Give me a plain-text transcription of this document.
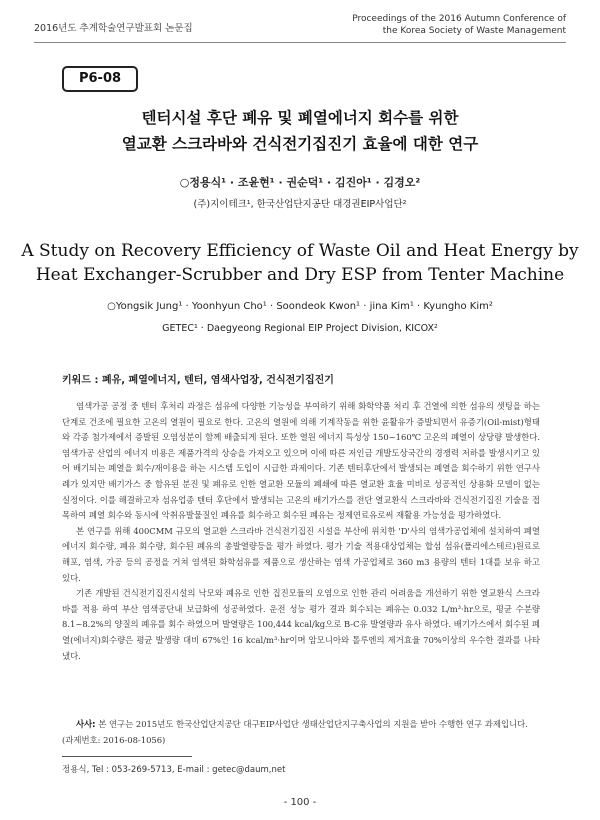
2016년도 추계학술연구발표회 논문집
Proceedings of the 2016 Autumn Conference of
the Korea Society of Waste Management
P6-08
텐터시설 후단 폐유 및 폐열에너지 회수를 위한
열교환 스크라바와 건식전기집진기 효율에 대한 연구
○정용식¹ · 조윤현¹ · 권순덕¹ · 김진아¹ · 김경오²
(주)지이테크¹, 한국산업단지공단 대경권EIP사업단²
A Study on Recovery Efficiency of Waste Oil and Heat Energy by
Heat Exchanger-Scrubber and Dry ESP from Tenter Machine
○Yongsik Jung¹ · Yoonhyun Cho¹ · Soondeok Kwon¹ · jina Kim¹ · Kyungho Kim²
GETEC¹ · Daegyeong Regional EIP Project Division, KICOX²
키워드 : 폐유, 폐열에너지, 텐터, 염색사업장, 건식전기집진기

염색가공 공정 중 텐터 후처리 과정은 섬유에 다양한 기능성을 부여하기 위해 화학약품 처리 후 건열에 의한 섬유의 셋팅을 하는 단계로 건조에 필요한 고온의 열원이 필요로 한다. 고온의 열원에 의해 기계작동을 위한 윤활유가 증발되면서 유증기(Oil-mist)형태와 각종 첨가제에서 증발된 오염성분이 함께 배출되게 된다. 또한 열원 에너지 특성상 150~160℃ 고온의 폐열이 상당량 발생한다. 염색가공 산업의 에너지 비용은 제품가격의 상승을 가져오고 있으며 이에 따른 저인금 개발도상국간의 경쟁력 저하를 발생시키고 있어 배기되는 폐열을 회수/재이용을 하는 시스템 도입이 시급한 과제이다. 기존 텐터후단에서 발생되는 폐열을 회수하기 위한 연구사례가 있지만 배기가스 중 함유된 분진 및 폐유로 인한 열교환 모듈의 폐쇄에 따른 열교환 효율 미비로 성공적인 상용화 모델이 없는 실정이다. 이를 해결하고자 섬유업종 텐터 후단에서 발생되는 고온의 배기가스를 전단 열교환식 스크라바와 건식전기집진 기술을 접목하여 폐열 회수와 동시에 악취유발물질인 폐유를 회수하고 회수된 폐유는 정제연료유로써 재활용 가능성을 평가하였다.

본 연구를 위해 400CMM 규모의 열교환 스크라바 건식전기집진 시설을 부산에 위치한 'D'사의 염색가공업체에 설치하여 폐열에너지 회수량, 폐유 회수량, 회수된 폐유의 총발열량등을 평가 하였다. 평가 기술 적용대상업체는 합섬 섬유(폴리에스테르)원료로 해포, 염색, 가공 등의 공정을 거쳐 염색된 화학섬유를 제품으로 생산하는 염색 가공업체로 360 m3 용량의 텐터 1대를 보유 하고 있다.

기존 개발된 건식전기집진시설의 낙모와 폐유로 인한 집진모듈의 오염으로 인한 관리 어려움을 개선하기 위한 열교환식 스크라바를 적용 하여 부산 염색공단내 보급화에 성공하였다. 운전 성능 평가 결과 회수되는 폐유는 0.032 L/m³·hr으로, 평균 수분량 8.1~8.2%의 양질의 폐유를 회수 하였으며 발열량은 100,444 kcal/kg으로 B-C유 발열량과 유사 하였다. 배기가스에서 회수된 폐열(에너지)회수량은 평균 발생량 대비 67%인 16 kcal/m³·hr이며 암모니아와 톨루엔의 제거효율 70%이상의 우수한 결과를 나타냈다.

사사: 본 연구는 2015년도 한국산업단지공단 대구EIP사업단 생태산업단지구축사업의 지원을 받아 수행한 연구 과제입니다. (과제번호: 2016-08-1056)
정용식, Tel : 053-269-5713, E-mail : getec@daum,net
- 100 -
